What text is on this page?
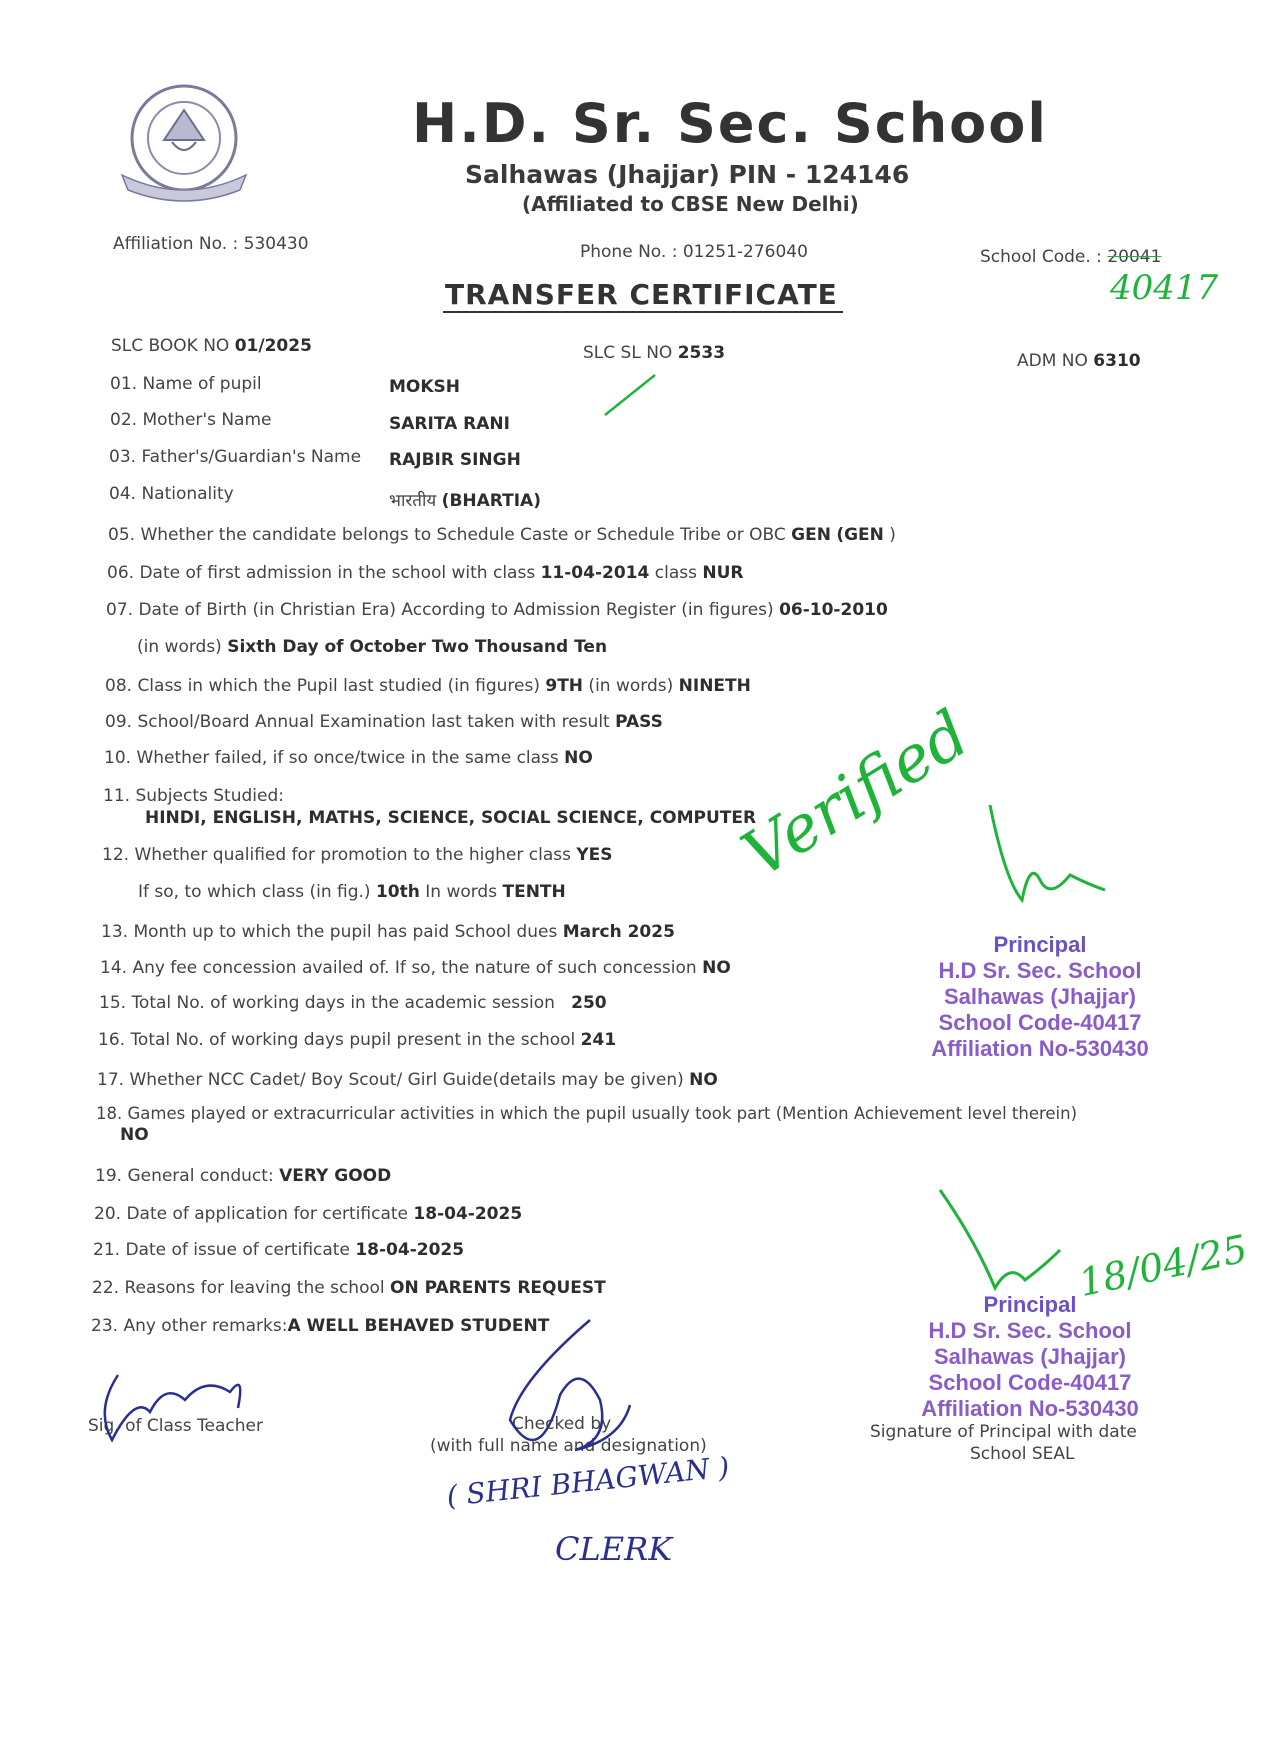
H.D. Sr. Sec. School
Salhawas (Jhajjar) PIN - 124146
(Affiliated to CBSE New Delhi)
Affiliation No. : 530430	Phone No. : 01251-276040	School Code. : 20041
40417
TRANSFER CERTIFICATE
SLC BOOK NO 01/2025	SLC SL NO 2533	ADM NO 6310
01. Name of pupil	MOKSH
02. Mother's Name	SARITA RANI
03. Father's/Guardian's Name RAJBIR SINGH
04. Nationality	भारतीय (BHARTIA)
05. Whether the candidate belongs to Schedule Caste or Schedule Tribe or OBC GEN (GEN )
06. Date of first admission in the school with class 11-04-2014 class NUR
07. Date of Birth (in Christian Era) According to Admission Register (in figures) 06-10-2010
(in words) Sixth Day of October Two Thousand Ten
08. Class in which the Pupil last studied (in figures) 9TH (in words) NINETH
09. School/Board Annual Examination last taken with result PASS
10. Whether failed, if so once/twice in the same class NO
11. Subjects Studied:
HINDI, ENGLISH, MATHS, SCIENCE, SOCIAL SCIENCE, COMPUTER
12. Whether qualified for promotion to the higher class YES
If so, to which class (in fig.) 10th In words TENTH
13. Month up to which the pupil has paid School dues March 2025
14. Any fee concession availed of. If so, the nature of such concession NO
15. Total No. of working days in the academic session   250
16. Total No. of working days pupil present in the school 241
17. Whether NCC Cadet/ Boy Scout/ Girl Guide(details may be given) NO
18. Games played or extracurricular activities in which the pupil usually took part (Mention Achievement level therein)
NO
19. General conduct: VERY GOOD
20. Date of application for certificate 18-04-2025
21. Date of issue of certificate 18-04-2025
22. Reasons for leaving the school ON PARENTS REQUEST
23. Any other remarks:A WELL BEHAVED STUDENT
Principal
H.D Sr. Sec. School
Salhawas (Jhajjar)
School Code-40417
Affiliation No-530430
Principal
H.D Sr. Sec. School
Salhawas (Jhajjar)
School Code-40417
Affiliation No-530430
Sig. of Class Teacher	Checked by
(with full name and designation)
Signature of Principal with date
School SEAL
Verified
18/04/25
( SHRI BHAGWAN )
CLERK
